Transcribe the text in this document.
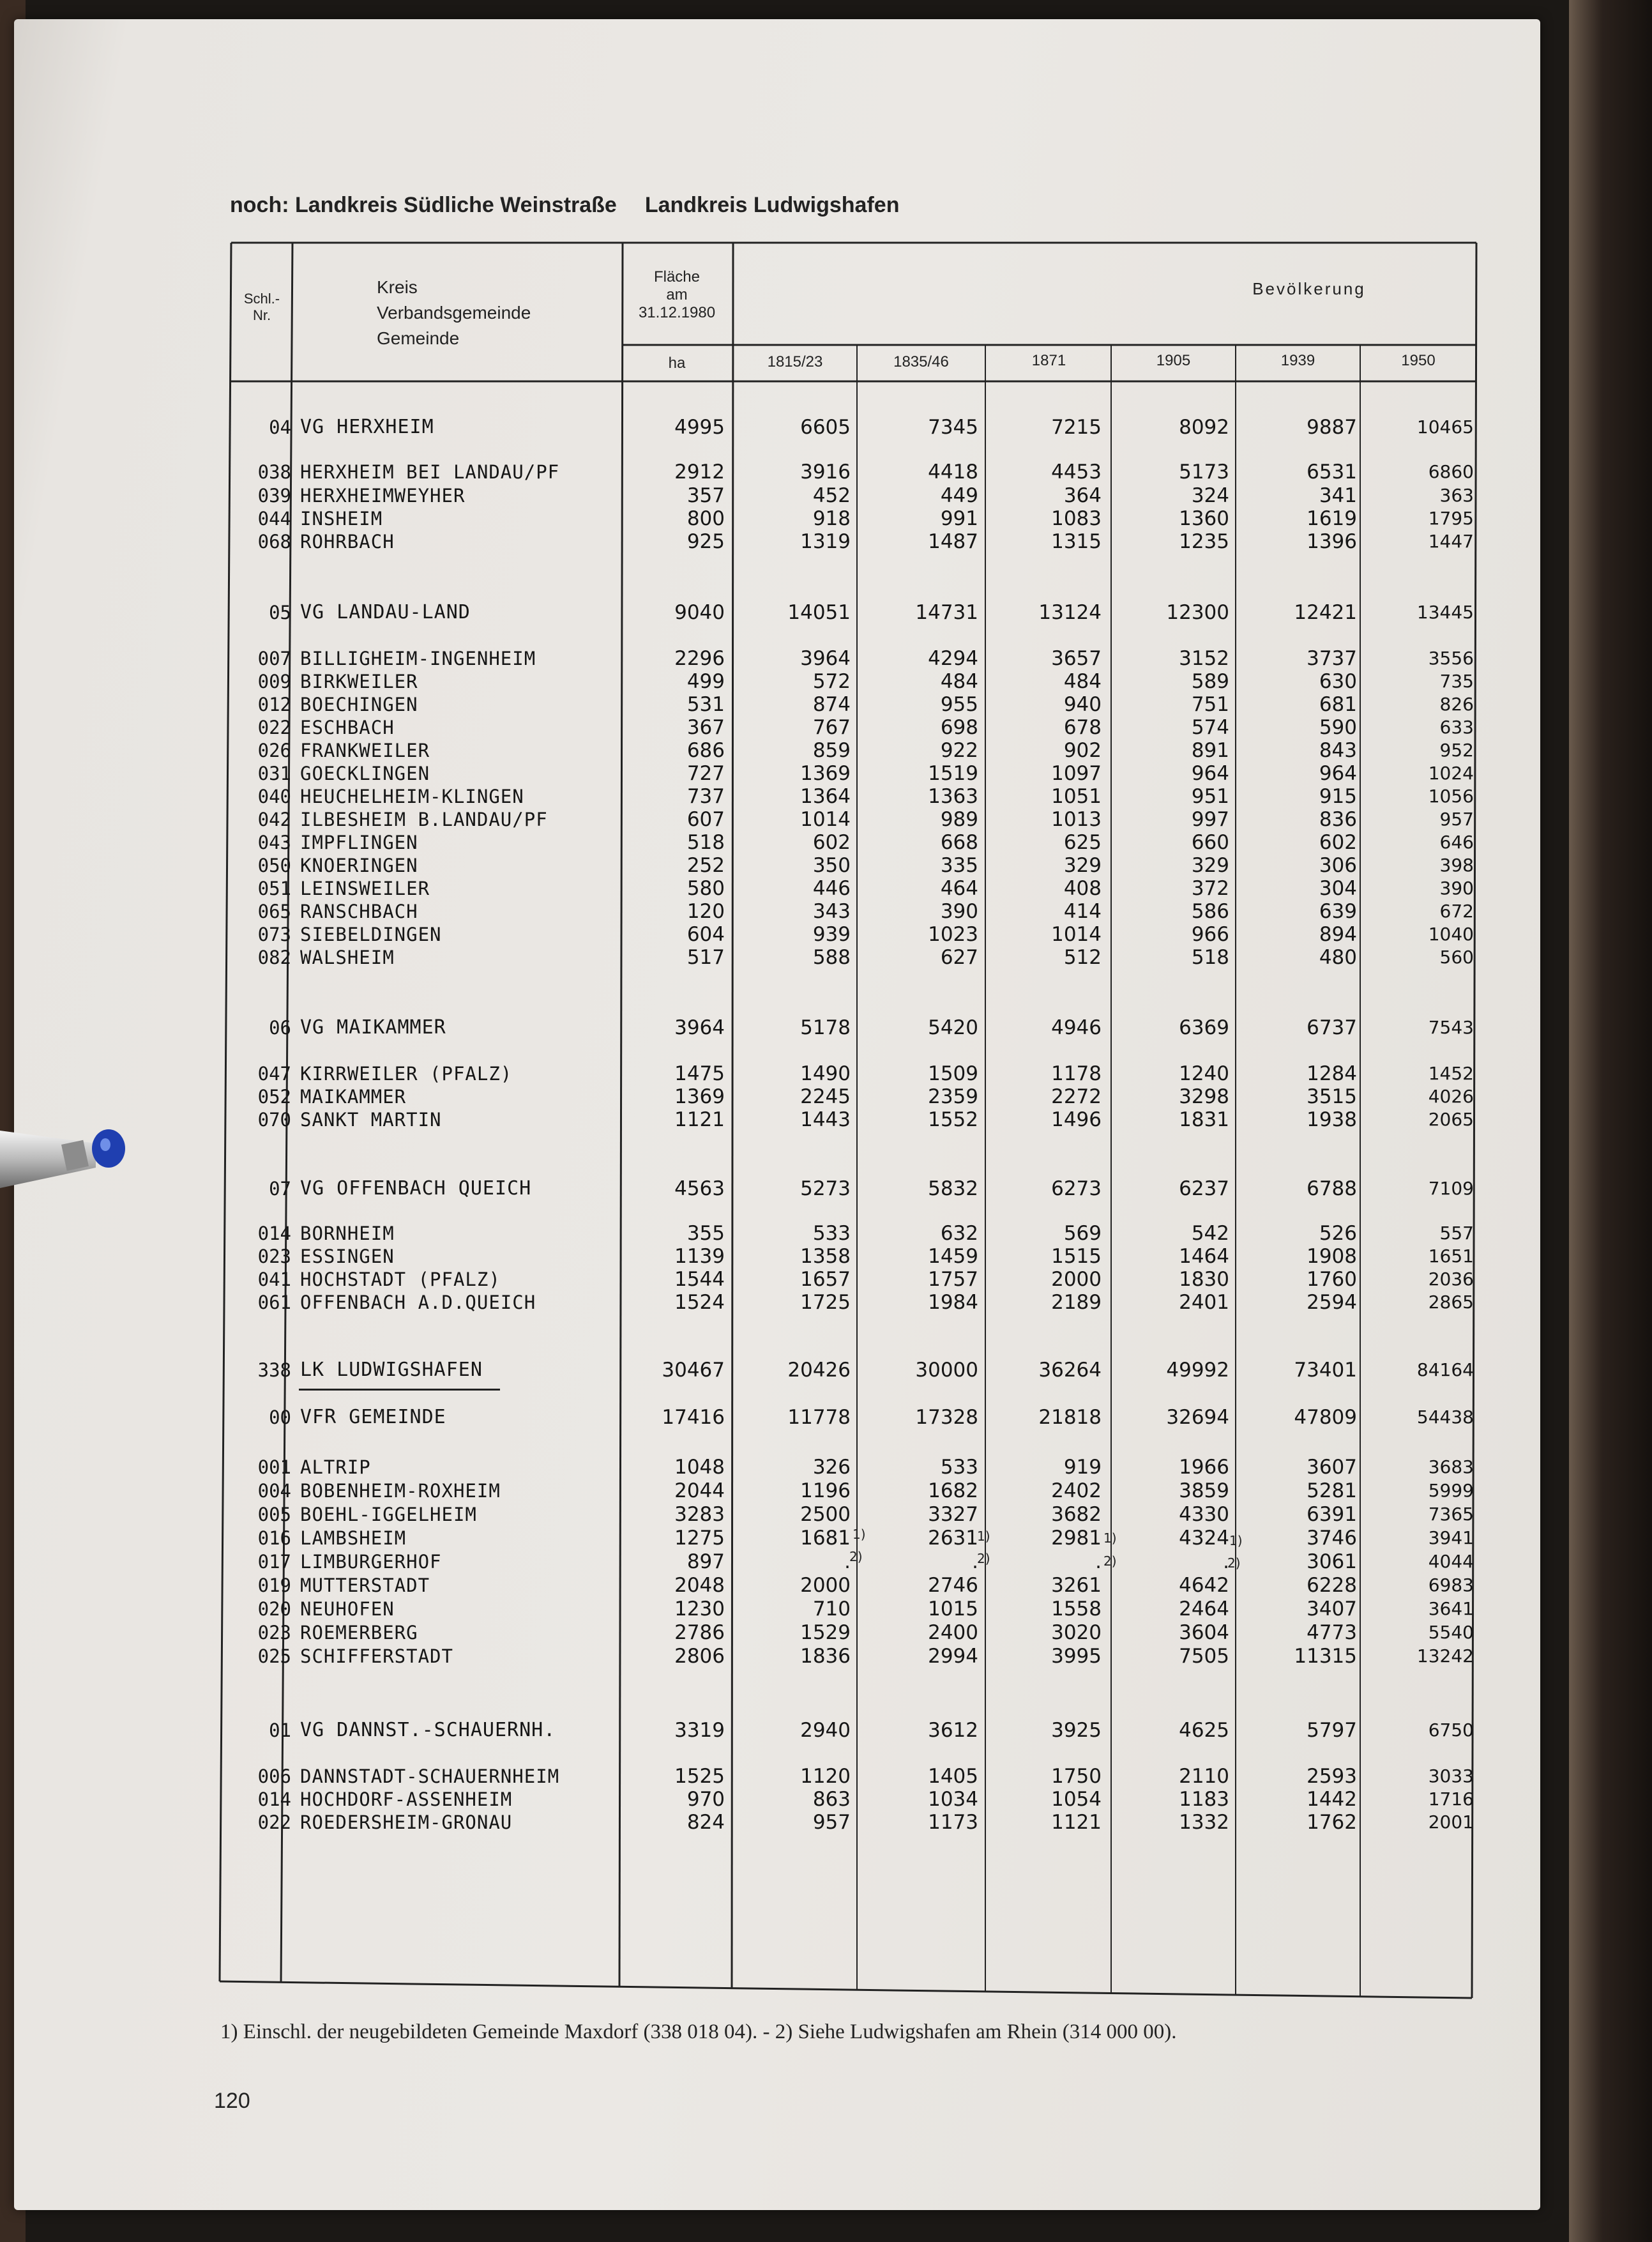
noch: Landkreis Südliche Weinstraße Landkreis Ludwigshafen
Schl.-
Nr.
Kreis
Verbandsgemeinde
Gemeinde
Fläche
am
31.12.1980
Bevölkerung
ha	1815/23	1835/46	1871	1905	1939	1950
04 VG HERXHEIM	4995	6605	7345	7215	8092	9887	10465
038 HERXHEIM BEI LANDAU/PF	2912	3916	4418	4453	5173	6531	6860
039 HERXHEIMWEYHER	357	452	449	364	324	341	363
044 INSHEIM	800	918	991	1083	1360	1619	1795
068 ROHRBACH	925	1319	1487	1315	1235	1396	1447
05 VG LANDAU-LAND	9040	14051	14731	13124	12300	12421	13445
007 BILLIGHEIM-INGENHEIM	2296	3964	4294	3657	3152	3737	3556
009 BIRKWEILER	499	572	484	484	589	630	735
012 BOECHINGEN	531	874	955	940	751	681	826
022 ESCHBACH	367	767	698	678	574	590	633
026 FRANKWEILER	686	859	922	902	891	843	952
031 GOECKLINGEN	727	1369	1519	1097	964	964	1024
040 HEUCHELHEIM-KLINGEN	737	1364	1363	1051	951	915	1056
042 ILBESHEIM B.LANDAU/PF	607	1014	989	1013	997	836	957
043 IMPFLINGEN	518	602	668	625	660	602	646
050 KNOERINGEN	252	350	335	329	329	306	398
051 LEINSWEILER	580	446	464	408	372	304	390
065 RANSCHBACH	120	343	390	414	586	639	672
073 SIEBELDINGEN	604	939	1023	1014	966	894	1040
082 WALSHEIM	517	588	627	512	518	480	560
06 VG MAIKAMMER	3964	5178	5420	4946	6369	6737	7543
047 KIRRWEILER (PFALZ)	1475	1490	1509	1178	1240	1284	1452
052 MAIKAMMER	1369	2245	2359	2272	3298	3515	4026
070 SANKT MARTIN	1121	1443	1552	1496	1831	1938	2065
07 VG OFFENBACH QUEICH	4563	5273	5832	6273	6237	6788	7109
014 BORNHEIM	355	533	632	569	542	526	557
023 ESSINGEN	1139	1358	1459	1515	1464	1908	1651
041 HOCHSTADT (PFALZ)	1544	1657	1757	2000	1830	1760	2036
061 OFFENBACH A.D.QUEICH	1524	1725	1984	2189	2401	2594	2865
338 LK LUDWIGSHAFEN	30467	20426	30000	36264	49992	73401	84164
00 VFR GEMEINDE	17416	11778	17328	21818	32694	47809	54438
001 ALTRIP	1048	326	533	919	1966	3607	3683
004 BOBENHEIM-ROXHEIM	2044	1196	1682	2402	3859	5281	5999
005 BOEHL-IGGELHEIM	3283	2500	3327	3682	4330	6391	7365
016 LAMBSHEIM	1275	1681	2631	2981	4324	3746	3941
017 LIMBURGERHOF	897	.	.	.	.	3061	4044
019 MUTTERSTADT	2048	2000	2746	3261	4642	6228	6983
020 NEUHOFEN	1230	710	1015	1558	2464	3407	3641
023 ROEMERBERG	2786	1529	2400	3020	3604	4773	5540
025 SCHIFFERSTADT	2806	1836	2994	3995	7505	11315	13242
01 VG DANNST.-SCHAUERNH.	3319	2940	3612	3925	4625	5797	6750
006 DANNSTADT-SCHAUERNHEIM	1525	1120	1405	1750	2110	2593	3033
014 HOCHDORF-ASSENHEIM	970	863	1034	1054	1183	1442	1716
022 ROEDERSHEIM-GRONAU	824	957	1173	1121	1332	1762	2001
1)
2)
1)
2)
1)
2)
1)
2)
1) Einschl. der neugebildeten Gemeinde Maxdorf (338 018 04). - 2) Siehe Ludwigshafen am Rhein (314 000 00).
120
